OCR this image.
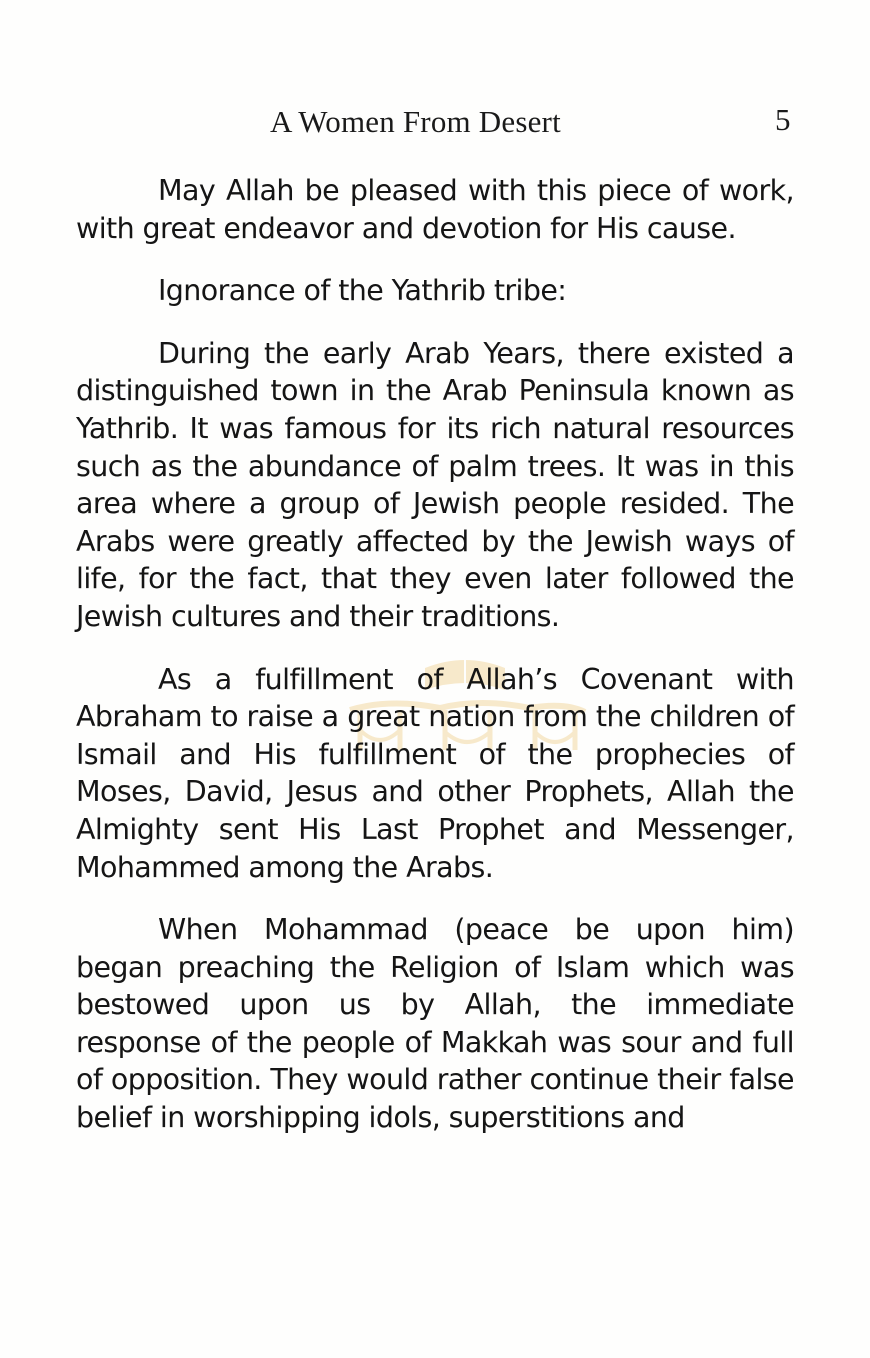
A Women From Desert	5

May Allah be pleased with this piece of work, with great endeavor and devotion for His cause.

Ignorance of the Yathrib tribe:

During the early Arab Years, there existed a distinguished town in the Arab Peninsula known as Yathrib. It was famous for its rich natural resources such as the abundance of palm trees. It was in this area where a group of Jewish people resided. The Arabs were greatly affected by the Jewish ways of life, for the fact, that they even later followed the Jewish cultures and their traditions.

As a fulfillment of Allah’s Covenant with Abraham to raise a great nation from the children of Ismail and His fulfillment of the prophecies of Moses, David, Jesus and other Prophets, Allah the Almighty sent His Last Prophet and Messenger, Mohammed among the Arabs.

When Mohammad (peace be upon him) began preaching the Religion of Islam which was bestowed upon us by Allah, the immediate response of the people of Makkah was sour and full of opposition. They would rather continue their false belief in worshipping idols, superstitions and
